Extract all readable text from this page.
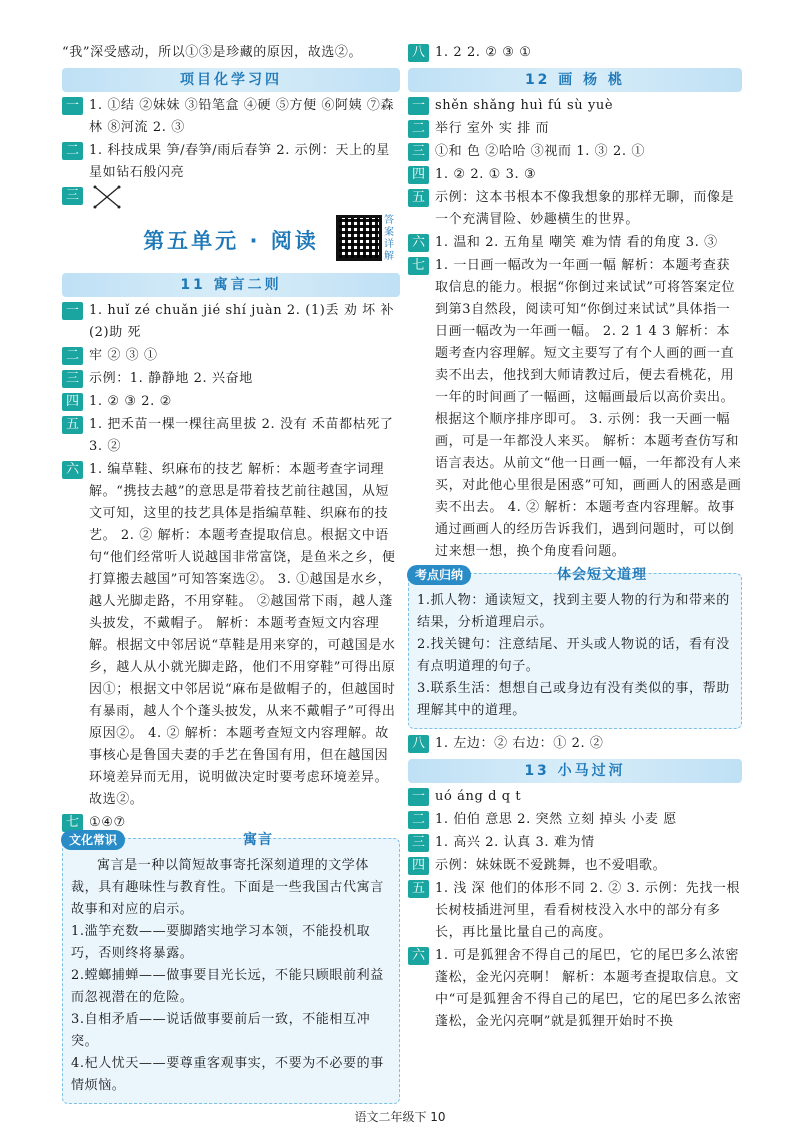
“我”深受感动，所以①③是珍藏的原因，故选②。
项目化学习四
一 1. ①结 ②妹妹 ③铅笔盒 ④硬 ⑤方便 ⑥阿姨 ⑦森林 ⑧河流 2. ③
二 1. 科技成果 笋/春笋/雨后春笋 2. 示例：天上的星星如钻石般闪亮
三
第五单元 · 阅读
答案详解
11 寓言二则
一 1. huǐ zé chuǎn jié shí juàn 2. (1)丢 劝 坏 补 (2)助 死
二 牢 ② ③ ①
三 示例：1. 静静地 2. 兴奋地
四 1. ② ③ 2. ②
五 1. 把禾苗一棵一棵往高里拔 2. 没有 禾苗都枯死了 3. ②
六 1. 编草鞋、织麻布的技艺 解析：本题考查字词理解。“携技去越”的意思是带着技艺前往越国，从短文可知，这里的技艺具体是指编草鞋、织麻布的技艺。 2. ② 解析：本题考查提取信息。根据文中语句“他们经常听人说越国非常富饶，是鱼米之乡，便打算搬去越国”可知答案选②。 3. ①越国是水乡，越人光脚走路，不用穿鞋。 ②越国常下雨，越人蓬头披发，不戴帽子。 解析：本题考查短文内容理解。根据文中邻居说“草鞋是用来穿的，可越国是水乡，越人从小就光脚走路，他们不用穿鞋”可得出原因①；根据文中邻居说“麻布是做帽子的，但越国时有暴雨，越人个个蓬头披发，从来不戴帽子”可得出原因②。 4. ② 解析：本题考查短文内容理解。故事核心是鲁国夫妻的手艺在鲁国有用，但在越国因环境差异而无用，说明做决定时要考虑环境差异。故选②。
七 ①④⑦
文化常识	寓言
寓言是一种以简短故事寄托深刻道理的文学体裁，具有趣味性与教育性。下面是一些我国古代寓言故事和对应的启示。
1.滥竽充数——要脚踏实地学习本领，不能投机取巧，否则终将暴露。
2.螳螂捕蝉——做事要目光长远，不能只顾眼前利益而忽视潜在的危险。
3.自相矛盾——说话做事要前后一致，不能相互冲突。
4.杞人忧天——要尊重客观事实，不要为不必要的事情烦恼。
八 1. 2 2. ② ③ ①
12 画 杨 桃
一 shěn shǎng huì fú sù yuè
二 举行 室外 实 排 而
三 ①和 色 ②哈哈 ③视而 1. ③ 2. ①
四 1. ② 2. ① 3. ③
五 示例：这本书根本不像我想象的那样无聊，而像是一个充满冒险、妙趣横生的世界。
六 1. 温和 2. 五角星 嘲笑 难为情 看的角度 3. ③
七 1. 一日画一幅改为一年画一幅 解析：本题考查获取信息的能力。根据“你倒过来试试”可将答案定位到第3自然段，阅读可知“你倒过来试试”具体指一日画一幅改为一年画一幅。 2. 2 1 4 3 解析：本题考查内容理解。短文主要写了有个人画的画一直卖不出去，他找到大师请教过后，便去看桃花，用一年的时间画了一幅画，这幅画最后以高价卖出。根据这个顺序排序即可。 3. 示例：我一天画一幅画，可是一年都没人来买。 解析：本题考查仿写和语言表达。从前文“他一日画一幅，一年都没有人来买，对此他心里很是困惑”可知，画画人的困惑是画卖不出去。 4. ② 解析：本题考查内容理解。故事通过画画人的经历告诉我们，遇到问题时，可以倒过来想一想，换个角度看问题。
考点归纳	体会短文道理
1.抓人物：通读短文，找到主要人物的行为和带来的结果，分析道理启示。
2.找关键句：注意结尾、开头或人物说的话，看有没有点明道理的句子。
3.联系生活：想想自己或身边有没有类似的事，帮助理解其中的道理。
八 1. 左边：② 右边：① 2. ②
13 小马过河
一 uó áng d q t
二 1. 伯伯 意思 2. 突然 立刻 掉头 小麦 愿
三 1. 高兴 2. 认真 3. 难为情
四 示例：妹妹既不爱跳舞，也不爱唱歌。
五 1. 浅 深 他们的体形不同 2. ② 3. 示例：先找一根长树枝插进河里，看看树枝没入水中的部分有多长，再比量比量自己的高度。
六 1. 可是狐狸舍不得自己的尾巴，它的尾巴多么浓密蓬松，金光闪亮啊！ 解析：本题考查提取信息。文中“可是狐狸舍不得自己的尾巴，它的尾巴多么浓密蓬松，金光闪亮啊”就是狐狸开始时不换
语文二年级下 10
